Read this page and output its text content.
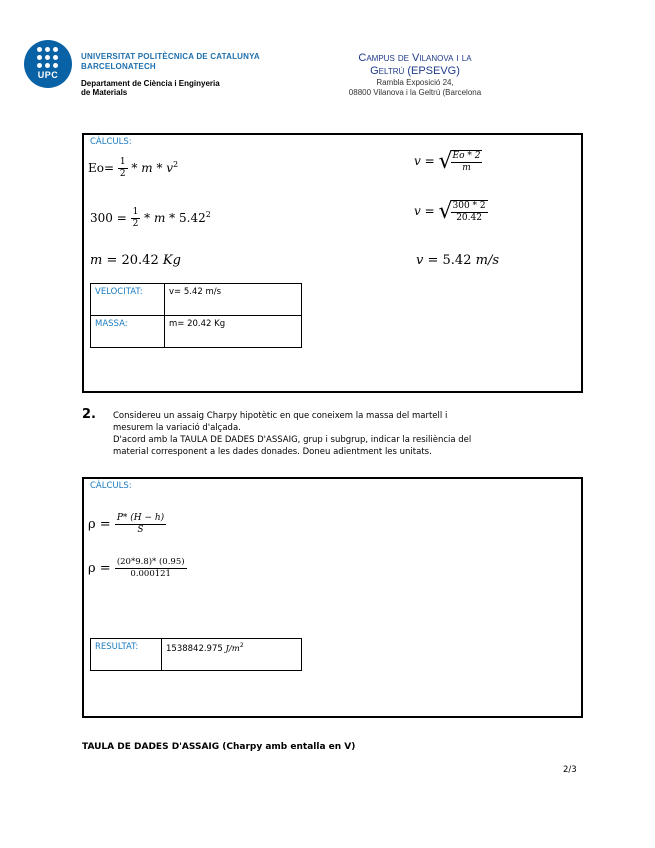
UPC
UNIVERSITAT POLITÈCNICA DE CATALUNYA
BARCELONATECH
Departament de Ciència i Enginyeria
de Materials
Campus de Vilanova i la
Geltrú (EPSEVG)
Rambla Exposició 24,
08800 Vilanova i la Geltrú (Barcelona
CÀLCULS:
$Eo= \frac{1}{2} * m * v^2$
$300 = \frac{1}{2} * m * 5.42^2$
m = 20.42 Kg
v = √
$\frac{Eo * 2}{m}$
v = √
$\frac{300 * 2}{20.42}$
v = 5.42 m/s
VELOCITAT:	v= 5.42 m/s
MASSA:	m= 20.42 Kg
2. Considereu un assaig Charpy hipotètic en que coneixem la massa del martell i
mesurem la variació d'alçada.
D'acord amb la TAULA DE DADES D'ASSAIG, grup i subgrup, indicar la resiliència del
material corresponent a les dades donades. Doneu adientment les unitats.
CÀLCULS:
$\rho = \frac{P* (H - h)}{S}$
$\rho = \frac{(20*9.8)* (0.95)}{0.000121}$
RESULTAT:	1538842.975 $J/m^2$
TAULA DE DADES D'ASSAIG (Charpy amb entalla en V)
2/3
